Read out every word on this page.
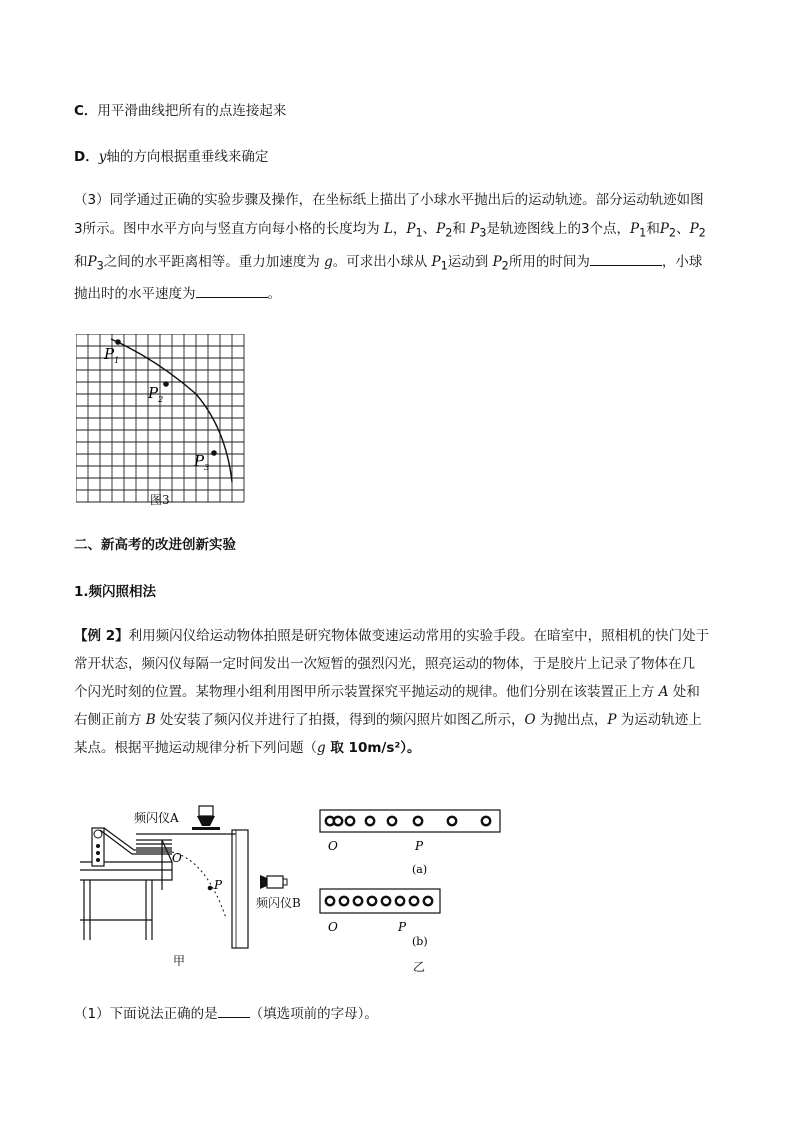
C．用平滑曲线把所有的点连接起来
D．y轴的方向根据重垂线来确定
（3）同学通过正确的实验步骤及操作，在坐标纸上描出了小球水平抛出后的运动轨迹。部分运动轨迹如图
3所示。图中水平方向与竖直方向每小格的长度均为 L，$P_1$、$P_2$和 $P_3$是轨迹图线上的3个点，$P_1$和$P_2$、$P_2$
和$P_3$之间的水平距离相等。重力加速度为 g。可求出小球从 $P_1$运动到 $P_2$所用的时间为	，小球
抛出时的水平速度为	。
$P_1$
$P_2$
$P_3$
图3
二、新高考的改进创新实验
1.频闪照相法
【例 2】利用频闪仪给运动物体拍照是研究物体做变速运动常用的实验手段。在暗室中，照相机的快门处于
常开状态，频闪仪每隔一定时间发出一次短暂的强烈闪光，照亮运动的物体，于是胶片上记录了物体在几
个闪光时刻的位置。某物理小组利用图甲所示装置探究平抛运动的规律。他们分别在该装置正上方 A 处和
右侧正前方 B 处安装了频闪仪并进行了拍摄，得到的频闪照片如图乙所示，O 为抛出点，P 为运动轨迹上
某点。根据平抛运动规律分析下列问题（g 取 10m/s²）。
频闪仪A
O
P
甲
频闪仪B
O	P
(a)
O	P
(b)
乙
（1）下面说法正确的是 （填选项前的字母）。
